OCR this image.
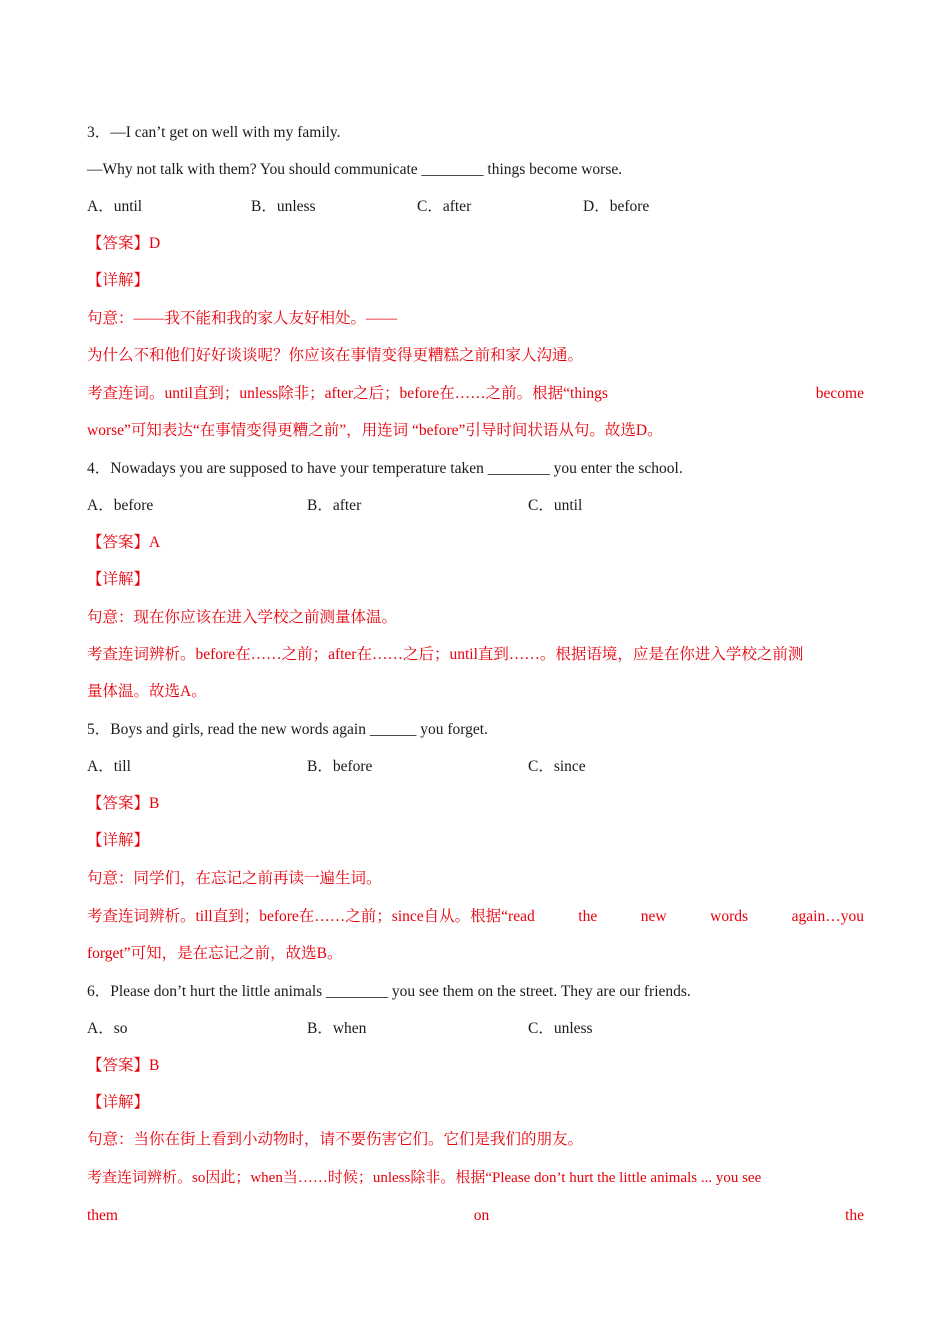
3．—I can’t get on well with my family.
—Why not talk with them? You should communicate ________ things become worse.
A．until	B．unless	C．after	D．before
【答案】D
【详解】
句意：——我不能和我的家人友好相处。——
为什么不和他们好好谈谈呢？你应该在事情变得更糟糕之前和家人沟通。
考查连词。until直到；unless除非；after之后；before在……之前。根据“things	become
worse”可知表达“在事情变得更糟之前”，用连词 “before”引导时间状语从句。故选D。
4．Nowadays you are supposed to have your temperature taken ________ you enter the school.
A．before	B．after	C．until
【答案】A
【详解】
句意：现在你应该在进入学校之前测量体温。
考查连词辨析。before在……之前；after在……之后；until直到……。根据语境，应是在你进入学校之前测
量体温。故选A。
5．Boys and girls, read the new words again ______ you forget.
A．till	B．before	C．since
【答案】B
【详解】
句意：同学们，在忘记之前再读一遍生词。
考查连词辨析。till直到；before在……之前；since自从。根据“read	the	new	words	again…you
forget”可知，是在忘记之前，故选B。
6．Please don’t hurt the little animals ________ you see them on the street. They are our friends.
A．so	B．when	C．unless
【答案】B
【详解】
句意：当你在街上看到小动物时，请不要伤害它们。它们是我们的朋友。
考查连词辨析。so因此；when当……时候；unless除非。根据“Please don’t hurt the little animals ... you see
them	on	the
